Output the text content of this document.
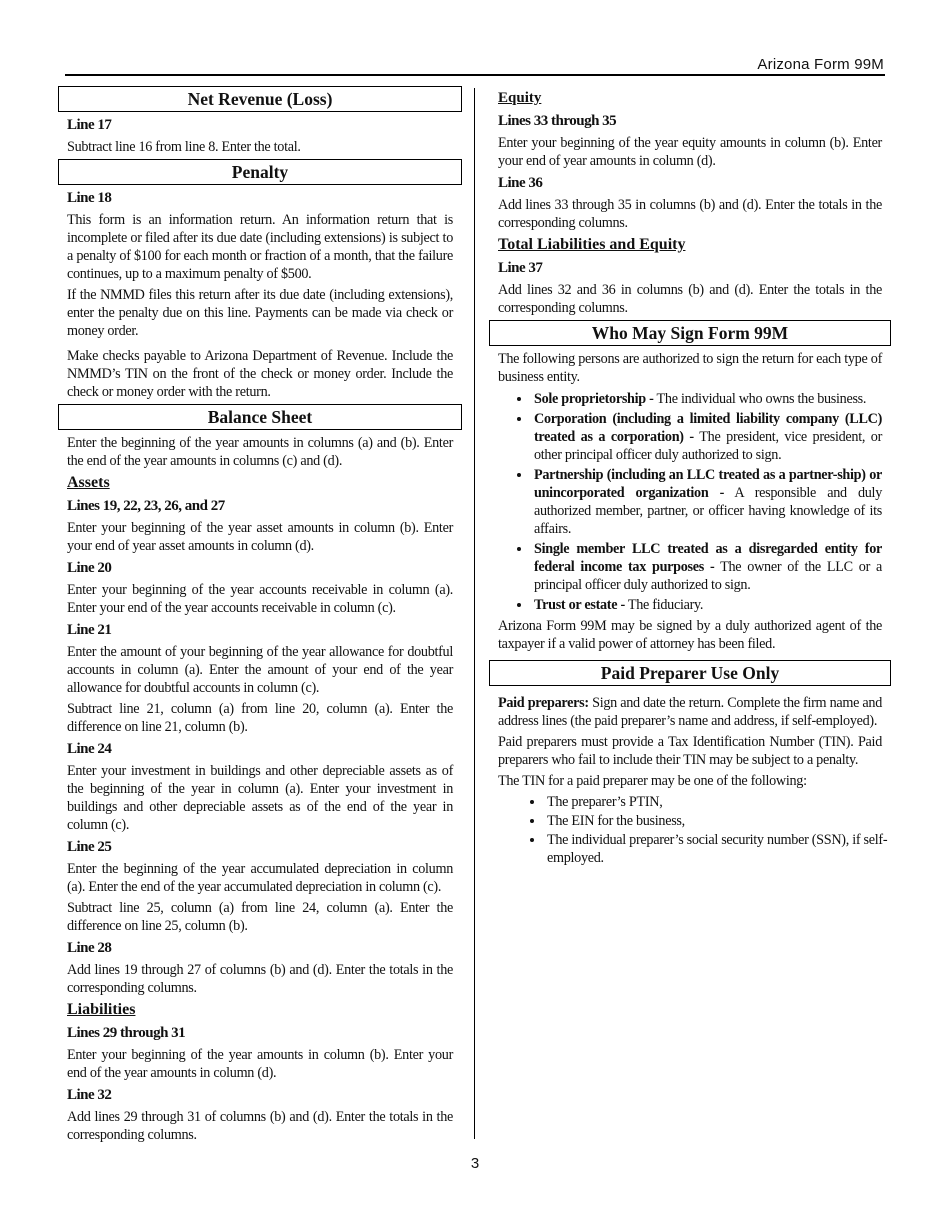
Arizona Form 99M
Net Revenue (Loss)
Line 17

Subtract line 16 from line 8. Enter the total.

Penalty
Line 18

This form is an information return. An information return that is incomplete or filed after its due date (including extensions) is subject to a penalty of $100 for each month or fraction of a month, that the failure continues, up to a maximum penalty of $500.

If the NMMD files this return after its due date (including extensions), enter the penalty due on this line. Payments can be made via check or money order.

Make checks payable to Arizona Department of Revenue. Include the NMMD’s TIN on the front of the check or money order. Include the check or money order with the return.

Balance Sheet

Enter the beginning of the year amounts in columns (a) and (b). Enter the end of the year amounts in columns (c) and (d).

Assets
Lines 19, 22, 23, 26, and 27

Enter your beginning of the year asset amounts in column (b). Enter your end of year asset amounts in column (d).

Line 20

Enter your beginning of the year accounts receivable in column (a). Enter your end of the year accounts receivable in column (c).

Line 21

Enter the amount of your beginning of the year allowance for doubtful accounts in column (a). Enter the amount of your end of the year allowance for doubtful accounts in column (c).

Subtract line 21, column (a) from line 20, column (a). Enter the difference on line 21, column (b).

Line 24

Enter your investment in buildings and other depreciable assets as of the beginning of the year in column (a). Enter your investment in buildings and other depreciable assets as of the end of the year in column (c).

Line 25

Enter the beginning of the year accumulated depreciation in column (a). Enter the end of the year accumulated depreciation in column (c).

Subtract line 25, column (a) from line 24, column (a). Enter the difference on line 25, column (b).

Line 28

Add lines 19 through 27 of columns (b) and (d). Enter the totals in the corresponding columns.

Liabilities
Lines 29 through 31

Enter your beginning of the year amounts in column (b). Enter your end of the year amounts in column (d).

Line 32

Add lines 29 through 31 of columns (b) and (d). Enter the totals in the corresponding columns.

Equity
Lines 33 through 35

Enter your beginning of the year equity amounts in column (b). Enter your end of year amounts in column (d).

Line 36

Add lines 33 through 35 in columns (b) and (d). Enter the totals in the corresponding columns.

Total Liabilities and Equity
Line 37

Add lines 32 and 36 in columns (b) and (d). Enter the totals in the corresponding columns.

Who May Sign Form 99M

The following persons are authorized to sign the return for each type of business entity.

• Sole proprietorship - The individual who owns the business.
• Corporation (including a limited liability company (LLC) treated as a corporation) - The president, vice president, or other principal officer duly authorized to sign.
• Partnership (including an LLC treated as a partner-ship) or unincorporated organization - A responsible and duly authorized member, partner, or officer having knowledge of its affairs.
• Single member LLC treated as a disregarded entity for federal income tax purposes - The owner of the LLC or a principal officer duly authorized to sign.
• Trust or estate - The fiduciary.

Arizona Form 99M may be signed by a duly authorized agent of the taxpayer if a valid power of attorney has been filed.

Paid Preparer Use Only

Paid preparers: Sign and date the return. Complete the firm name and address lines (the paid preparer’s name and address, if self-employed).

Paid preparers must provide a Tax Identification Number (TIN). Paid preparers who fail to include their TIN may be subject to a penalty.

The TIN for a paid preparer may be one of the following:

• The preparer’s PTIN,
• The EIN for the business,
• The individual preparer’s social security number (SSN), if self-employed.
3
